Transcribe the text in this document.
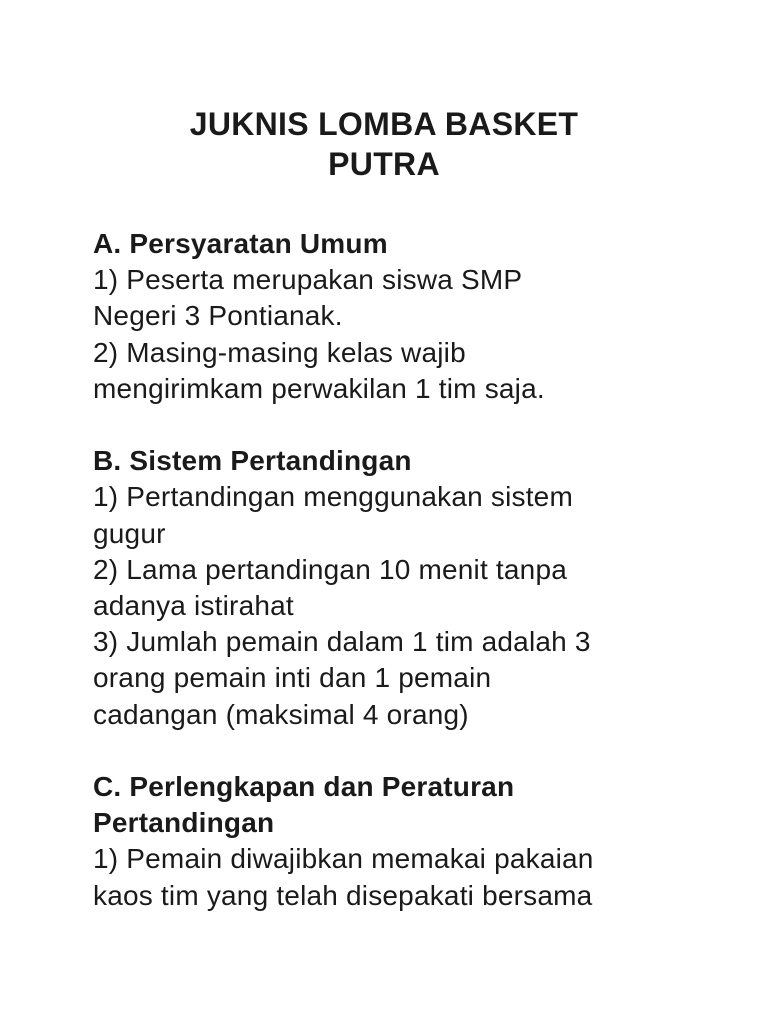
JUKNIS LOMBA BASKET
PUTRA
A. Persyaratan Umum

1) Peserta merupakan siswa SMP
Negeri 3 Pontianak.

2) Masing-masing kelas wajib
mengirimkam perwakilan 1 tim saja.

B. Sistem Pertandingan

1) Pertandingan menggunakan sistem
gugur

2) Lama pertandingan 10 menit tanpa
adanya istirahat

3) Jumlah pemain dalam 1 tim adalah 3
orang pemain inti dan 1 pemain
cadangan (maksimal 4 orang)

C. Perlengkapan dan Peraturan
Pertandingan

1) Pemain diwajibkan memakai pakaian
kaos tim yang telah disepakati bersama
